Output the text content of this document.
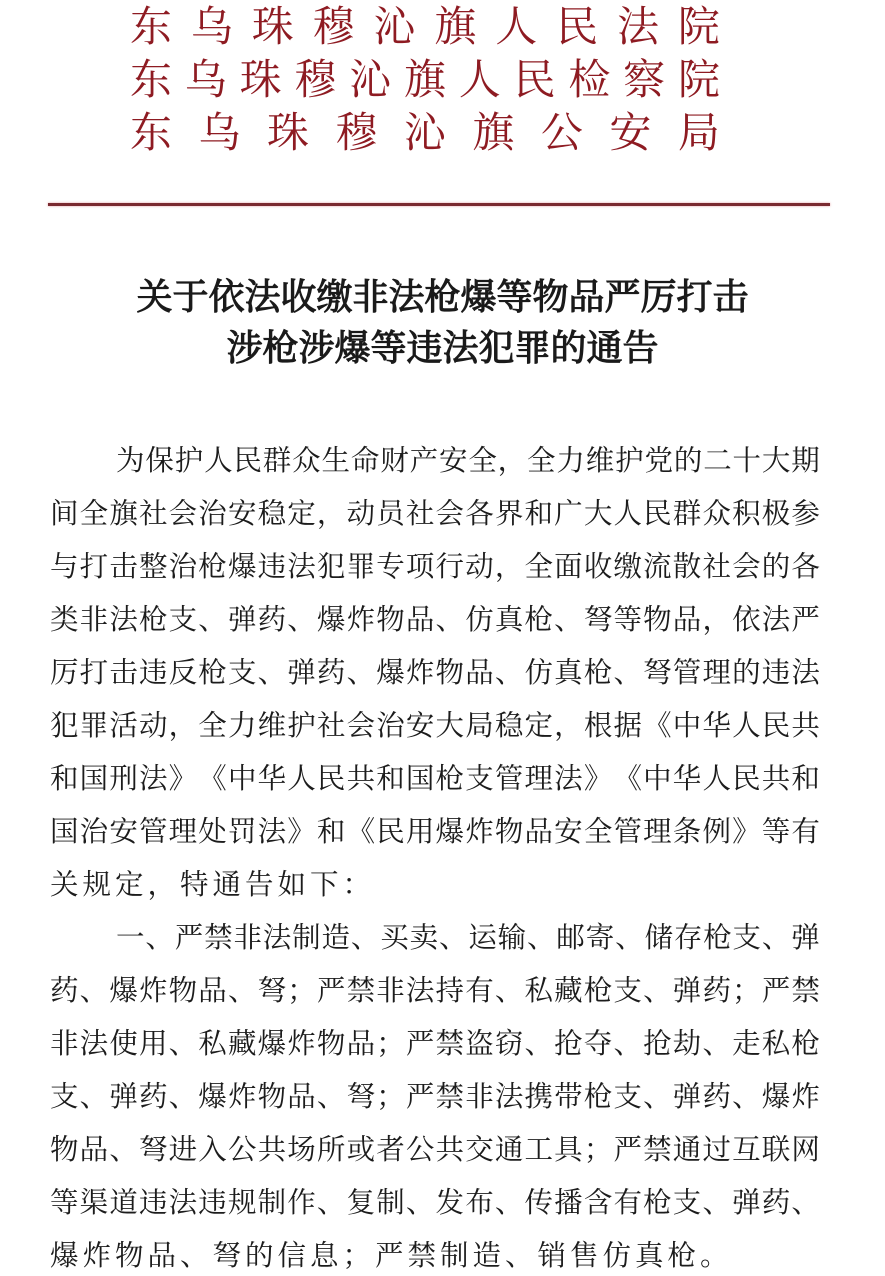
东 乌 珠 穆 沁 旗 人 民 法 院
东 乌 珠 穆 沁 旗 人 民 检 察 院
东 乌 珠 穆 沁 旗 公 安 局
关于依法收缴非法枪爆等物品严厉打击
涉枪涉爆等违法犯罪的通告
为 保 护 人 民 群 众 生 命 财 产 安 全 ， 全 力 维 护 党 的 二 十 大 期
间 全 旗 社 会 治 安 稳 定 ， 动 员 社 会 各 界 和 广 大 人 民 群 众 积 极 参
与 打 击 整 治 枪 爆 违 法 犯 罪 专 项 行 动 ， 全 面 收 缴 流 散 社 会 的 各
类 非 法 枪 支 、 弹 药 、 爆 炸 物 品 、 仿 真 枪 、 弩 等 物 品 ， 依 法 严
厉 打 击 违 反 枪 支 、 弹 药 、 爆 炸 物 品 、 仿 真 枪 、 弩 管 理 的 违 法
犯 罪 活 动 ， 全 力 维 护 社 会 治 安 大 局 稳 定 ， 根 据 《 中 华 人 民 共
和 国 刑 法 》 《 中 华 人 民 共 和 国 枪 支 管 理 法 》 《 中 华 人 民 共 和
国 治 安 管 理 处 罚 法 》 和 《 民 用 爆 炸 物 品 安 全 管 理 条 例 》 等 有
关规定，特通告如下：
一 、 严 禁 非 法 制 造 、 买 卖 、 运 输 、 邮 寄 、 储 存 枪 支 、 弹
药 、 爆 炸 物 品 、 弩 ； 严 禁 非 法 持 有 、 私 藏 枪 支 、 弹 药 ； 严 禁
非 法 使 用 、 私 藏 爆 炸 物 品 ； 严 禁 盗 窃 、 抢 夺 、 抢 劫 、 走 私 枪
支 、 弹 药 、 爆 炸 物 品 、 弩 ； 严 禁 非 法 携 带 枪 支 、 弹 药 、 爆 炸
物 品 、 弩 进 入 公 共 场 所 或 者 公 共 交 通 工 具 ； 严 禁 通 过 互 联 网
等 渠 道 违 法 违 规 制 作 、 复 制 、 发 布 、 传 播 含 有 枪 支 、 弹 药 、
爆炸物品、弩的信息；严禁制造、销售仿真枪。
